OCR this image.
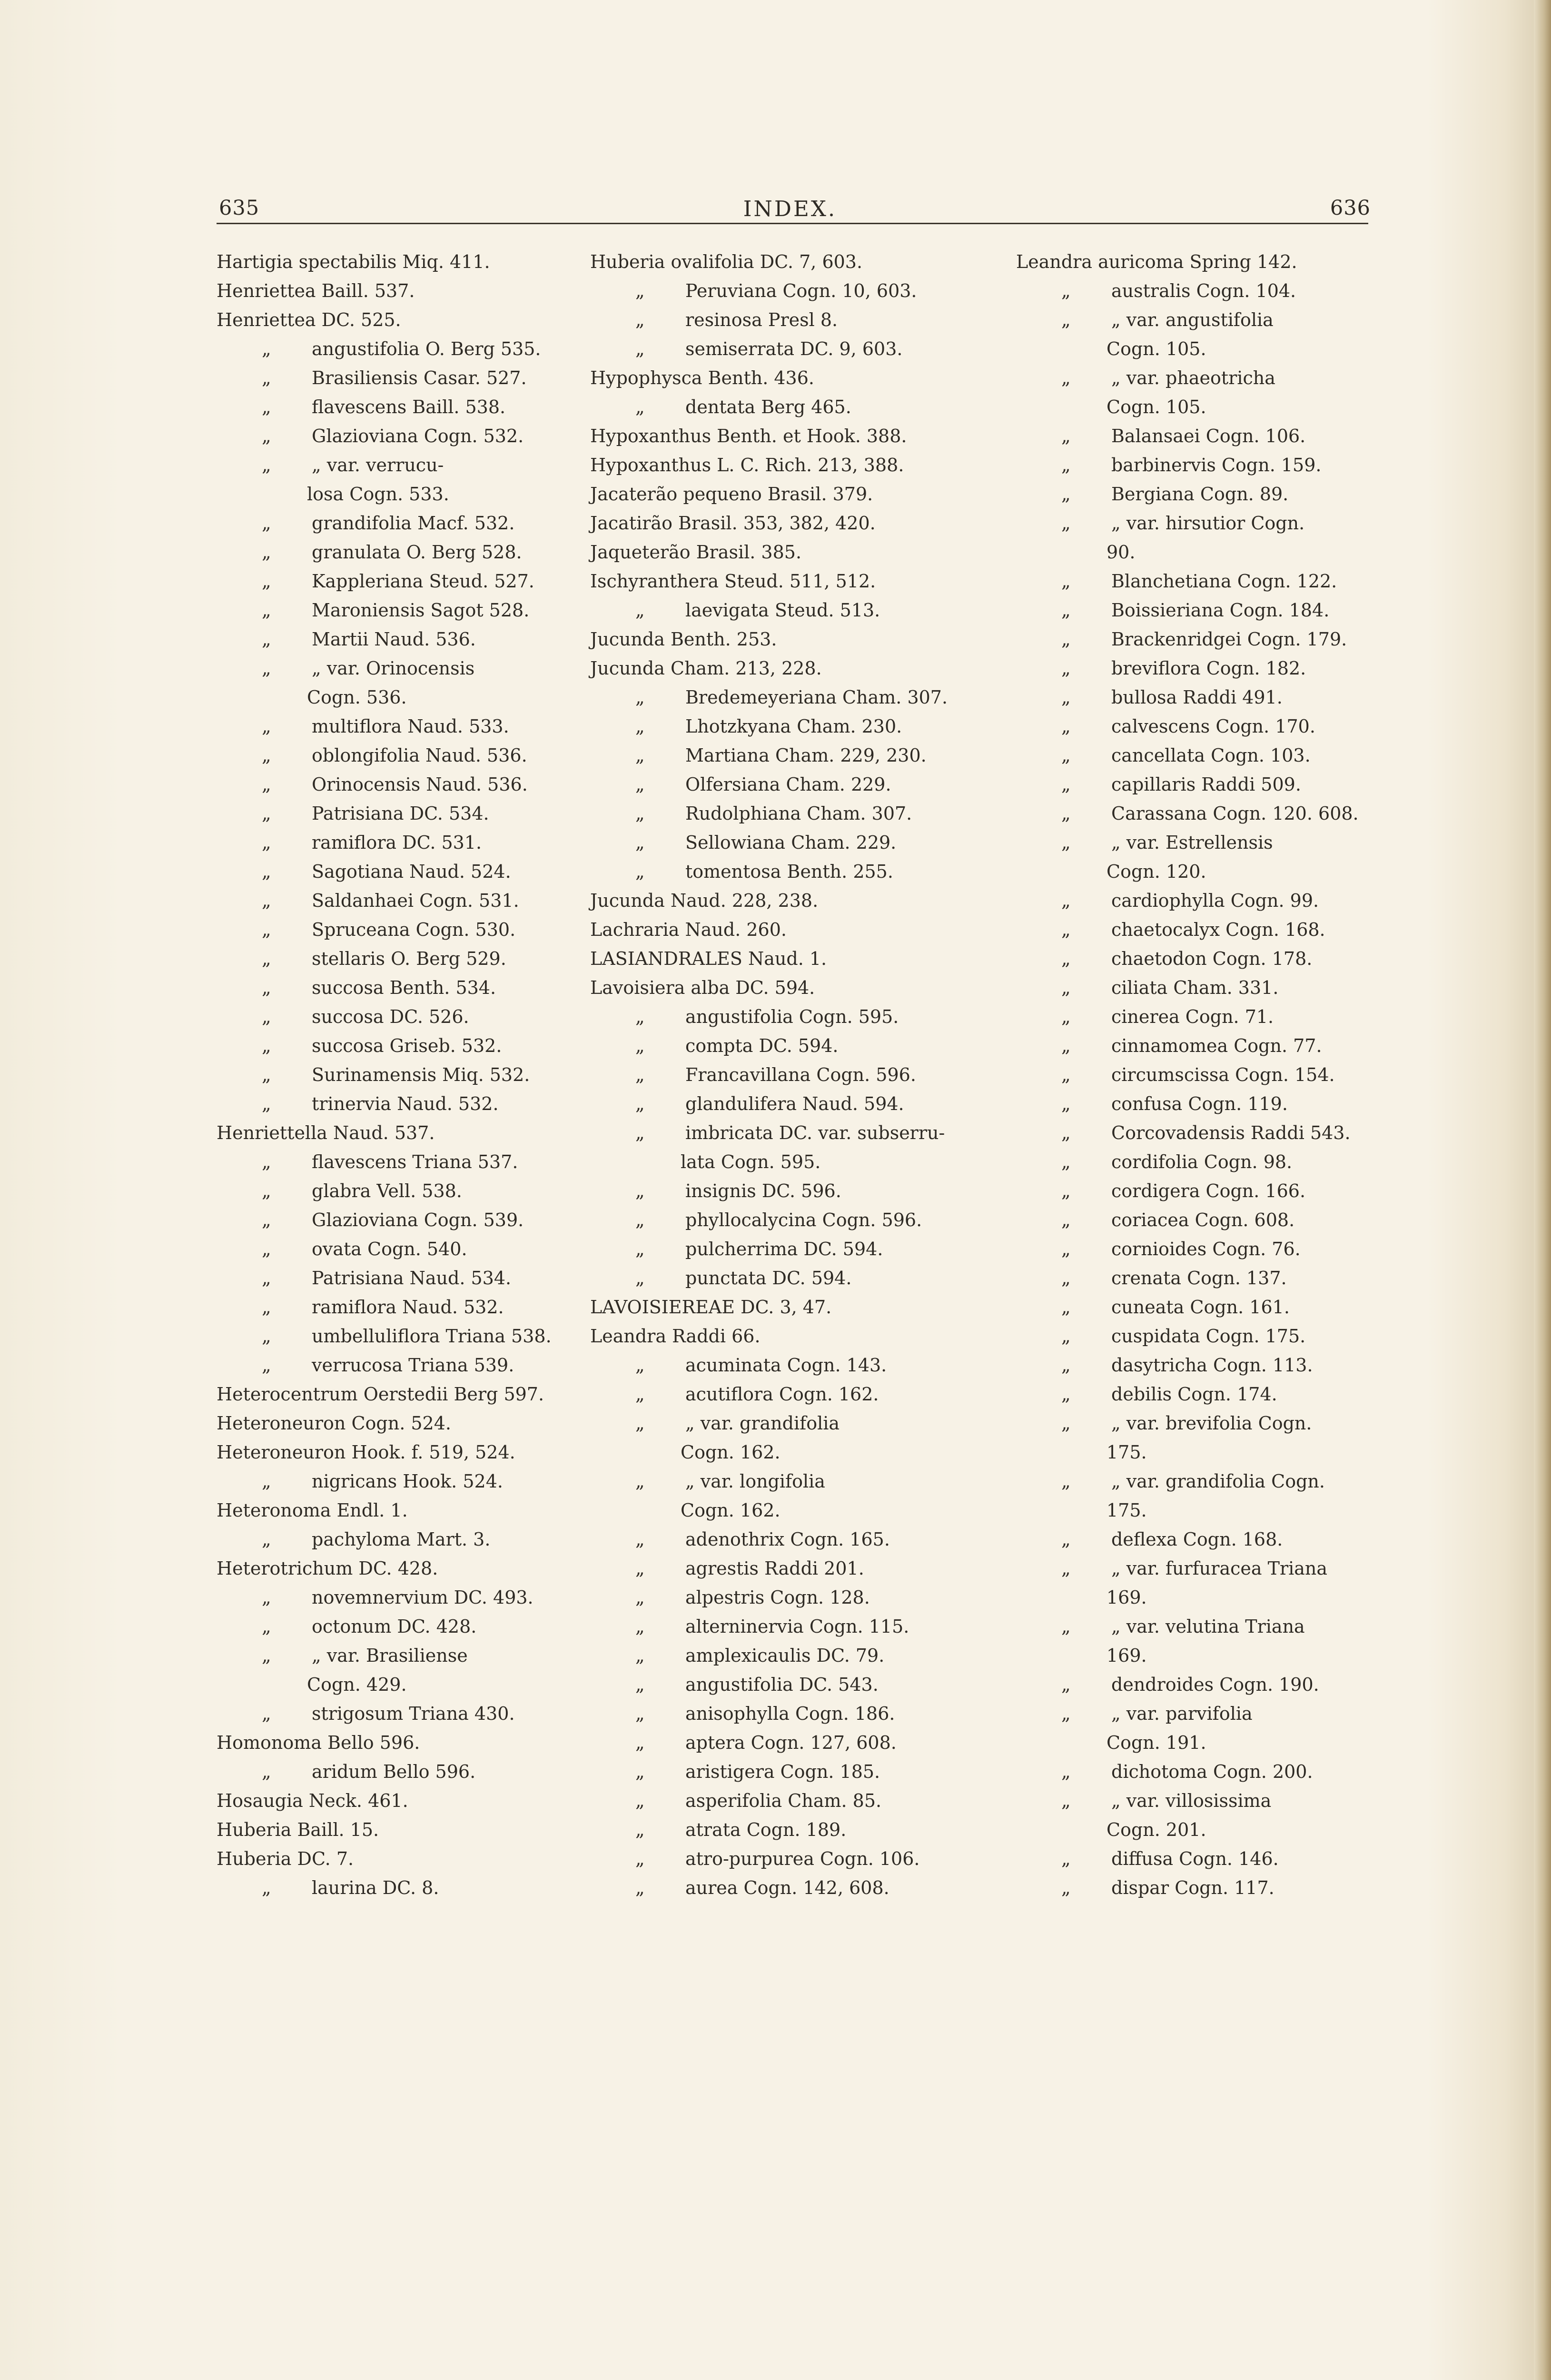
635	INDEX.	636
Hartigia spectabilis Miq. 411.
Henriettea Baill. 537.
Henriettea DC. 525.
„ angustifolia O. Berg 535.
„ Brasiliensis Casar. 527.
„ flavescens Baill. 538.
„ Glazioviana Cogn. 532.
„ „ var. verrucu-
losa Cogn. 533.
„ grandifolia Macf. 532.
„ granulata O. Berg 528.
„ Kappleriana Steud. 527.
„ Maroniensis Sagot 528.
„ Martii Naud. 536.
„ „ var. Orinocensis
Cogn. 536.
„ multiflora Naud. 533.
„ oblongifolia Naud. 536.
„ Orinocensis Naud. 536.
„ Patrisiana DC. 534.
„ ramiflora DC. 531.
„ Sagotiana Naud. 524.
„ Saldanhaei Cogn. 531.
„ Spruceana Cogn. 530.
„ stellaris O. Berg 529.
„ succosa Benth. 534.
„ succosa DC. 526.
„ succosa Griseb. 532.
„ Surinamensis Miq. 532.
„ trinervia Naud. 532.
Henriettella Naud. 537.
„ flavescens Triana 537.
„ glabra Vell. 538.
„ Glazioviana Cogn. 539.
„ ovata Cogn. 540.
„ Patrisiana Naud. 534.
„ ramiflora Naud. 532.
„ umbelluliflora Triana 538.
„ verrucosa Triana 539.
Heterocentrum Oerstedii Berg 597.
Heteroneuron Cogn. 524.
Heteroneuron Hook. f. 519, 524.
„ nigricans Hook. 524.
Heteronoma Endl. 1.
„ pachyloma Mart. 3.
Heterotrichum DC. 428.
„ novemnervium DC. 493.
„ octonum DC. 428.
„ „ var. Brasiliense
Cogn. 429.
„ strigosum Triana 430.
Homonoma Bello 596.
„ aridum Bello 596.
Hosaugia Neck. 461.
Huberia Baill. 15.
Huberia DC. 7.
„ laurina DC. 8.
Huberia ovalifolia DC. 7, 603.
„ Peruviana Cogn. 10, 603.
„ resinosa Presl 8.
„ semiserrata DC. 9, 603.
Hypophysca Benth. 436.
„ dentata Berg 465.
Hypoxanthus Benth. et Hook. 388.
Hypoxanthus L. C. Rich. 213, 388.
Jacaterão pequeno Brasil. 379.
Jacatirão Brasil. 353, 382, 420.
Jaqueterão Brasil. 385.
Ischyranthera Steud. 511, 512.
„ laevigata Steud. 513.
Jucunda Benth. 253.
Jucunda Cham. 213, 228.
„ Bredemeyeriana Cham. 307.
„ Lhotzkyana Cham. 230.
„ Martiana Cham. 229, 230.
„ Olfersiana Cham. 229.
„ Rudolphiana Cham. 307.
„ Sellowiana Cham. 229.
„ tomentosa Benth. 255.
Jucunda Naud. 228, 238.
Lachraria Naud. 260.
LASIANDRALES Naud. 1.
Lavoisiera alba DC. 594.
„ angustifolia Cogn. 595.
„ compta DC. 594.
„ Francavillana Cogn. 596.
„ glandulifera Naud. 594.
„ imbricata DC. var. subserru-
lata Cogn. 595.
„ insignis DC. 596.
„ phyllocalycina Cogn. 596.
„ pulcherrima DC. 594.
„ punctata DC. 594.
LAVOISIEREAE DC. 3, 47.
Leandra Raddi 66.
„ acuminata Cogn. 143.
„ acutiflora Cogn. 162.
„ „ var. grandifolia
Cogn. 162.
„ „ var. longifolia
Cogn. 162.
„ adenothrix Cogn. 165.
„ agrestis Raddi 201.
„ alpestris Cogn. 128.
„ alterninervia Cogn. 115.
„ amplexicaulis DC. 79.
„ angustifolia DC. 543.
„ anisophylla Cogn. 186.
„ aptera Cogn. 127, 608.
„ aristigera Cogn. 185.
„ asperifolia Cham. 85.
„ atrata Cogn. 189.
„ atro-purpurea Cogn. 106.
„ aurea Cogn. 142, 608.
Leandra auricoma Spring 142.
„ australis Cogn. 104.
„ „ var. angustifolia
Cogn. 105.
„ „ var. phaeotricha
Cogn. 105.
„ Balansaei Cogn. 106.
„ barbinervis Cogn. 159.
„ Bergiana Cogn. 89.
„ „ var. hirsutior Cogn.
90.
„ Blanchetiana Cogn. 122.
„ Boissieriana Cogn. 184.
„ Brackenridgei Cogn. 179.
„ breviflora Cogn. 182.
„ bullosa Raddi 491.
„ calvescens Cogn. 170.
„ cancellata Cogn. 103.
„ capillaris Raddi 509.
„ Carassana Cogn. 120. 608.
„ „ var. Estrellensis
Cogn. 120.
„ cardiophylla Cogn. 99.
„ chaetocalyx Cogn. 168.
„ chaetodon Cogn. 178.
„ ciliata Cham. 331.
„ cinerea Cogn. 71.
„ cinnamomea Cogn. 77.
„ circumscissa Cogn. 154.
„ confusa Cogn. 119.
„ Corcovadensis Raddi 543.
„ cordifolia Cogn. 98.
„ cordigera Cogn. 166.
„ coriacea Cogn. 608.
„ cornioides Cogn. 76.
„ crenata Cogn. 137.
„ cuneata Cogn. 161.
„ cuspidata Cogn. 175.
„ dasytricha Cogn. 113.
„ debilis Cogn. 174.
„ „ var. brevifolia Cogn.
175.
„ „ var. grandifolia Cogn.
175.
„ deflexa Cogn. 168.
„ „ var. furfuracea Triana
169.
„ „ var. velutina Triana
169.
„ dendroides Cogn. 190.
„ „ var. parvifolia
Cogn. 191.
„ dichotoma Cogn. 200.
„ „ var. villosissima
Cogn. 201.
„ diffusa Cogn. 146.
„ dispar Cogn. 117.
